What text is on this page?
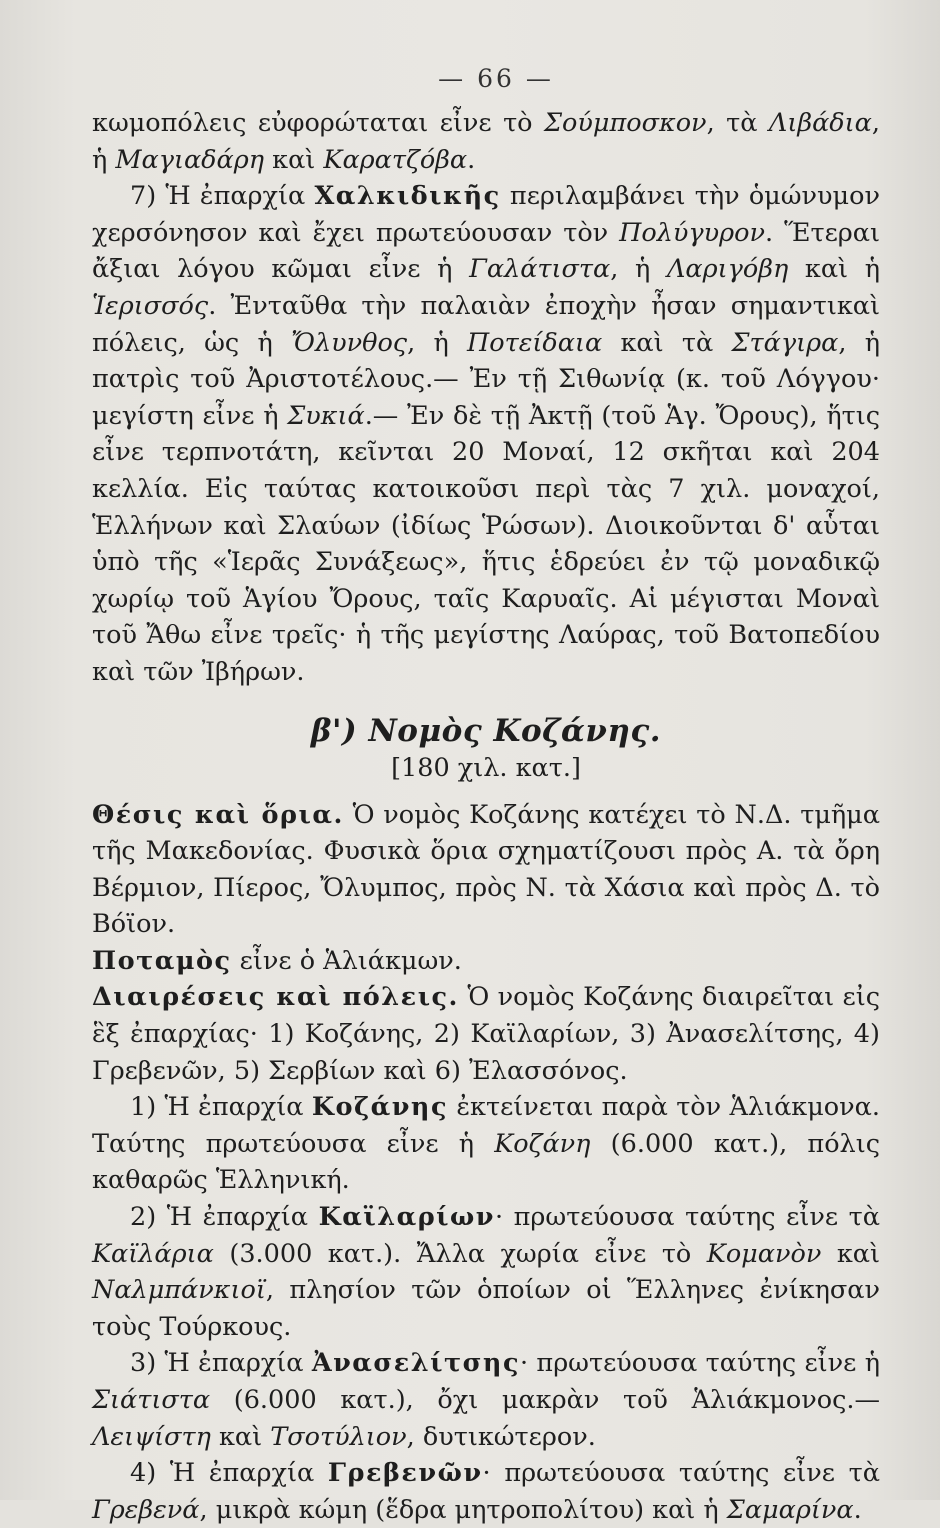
— 66 —

κωμοπόλεις εὐφορώταται εἶνε τὸ Σούμποσκον, τὰ Λιβάδια, ἡ Μαγιαδάρη καὶ Καρατζόβα.

7) Ἡ ἐπαρχία Χαλκιδικῆς περιλαμβάνει τὴν ὁμώνυμον χερσόνησον καὶ ἔχει πρωτεύουσαν τὸν Πολύγυρον. Ἕτεραι ἄξιαι λόγου κῶμαι εἶνε ἡ Γαλάτιστα, ἡ Λαριγόβη καὶ ἡ Ἱερισσός. Ἐνταῦθα τὴν παλαιὰν ἐποχὴν ἦσαν σημαντικαὶ πόλεις, ὡς ἡ Ὄλυνθος, ἡ Ποτείδαια καὶ τὰ Στάγιρα, ἡ πατρὶς τοῦ Ἀριστοτέλους.— Ἐν τῇ Σιθωνίᾳ (κ. τοῦ Λόγγου· μεγίστη εἶνε ἡ Συκιά.— Ἐν δὲ τῇ Ἀκτῇ (τοῦ Ἁγ. Ὄρους), ἥτις εἶνε τερπνοτάτη, κεῖνται 20 Μοναί, 12 σκῆται καὶ 204 κελλία. Εἰς ταύτας κατοικοῦσι περὶ τὰς 7 χιλ. μοναχοί, Ἑλλήνων καὶ Σλαύων (ἰδίως Ῥώσων). Διοικοῦνται δ' αὗται ὑπὸ τῆς «Ἱερᾶς Συνάξεως», ἥτις ἑδρεύει ἐν τῷ μοναδικῷ χωρίῳ τοῦ Ἁγίου Ὄρους, ταῖς Καρυαῖς. Αἱ μέγισται Μοναὶ τοῦ Ἄθω εἶνε τρεῖς· ἡ τῆς μεγίστης Λαύρας, τοῦ Βατοπεδίου καὶ τῶν Ἰβήρων.

β') Νομὸς Κοζάνης.
[180 χιλ. κατ.]

Θέσις καὶ ὅρια. Ὁ νομὸς Κοζάνης κατέχει τὸ Ν.Δ. τμῆμα τῆς Μακεδονίας. Φυσικὰ ὅρια σχηματίζουσι πρὸς Α. τὰ ὄρη Βέρμιον, Πίερος, Ὄλυμπος, πρὸς Ν. τὰ Χάσια καὶ πρὸς Δ. τὸ Βόϊον.

Ποταμὸς εἶνε ὁ Ἁλιάκμων.

Διαιρέσεις καὶ πόλεις. Ὁ νομὸς Κοζάνης διαιρεῖται εἰς ἓξ ἐπαρχίας· 1) Κοζάνης, 2) Καϊλαρίων, 3) Ἀνασελίτσης, 4) Γρεβενῶν, 5) Σερβίων καὶ 6) Ἐλασσόνος.

1) Ἡ ἐπαρχία Κοζάνης ἐκτείνεται παρὰ τὸν Ἁλιάκμονα. Ταύτης πρωτεύουσα εἶνε ἡ Κοζάνη (6.000 κατ.), πόλις καθαρῶς Ἑλληνική.

2) Ἡ ἐπαρχία Καϊλαρίων· πρωτεύουσα ταύτης εἶνε τὰ Καϊλάρια (3.000 κατ.). Ἄλλα χωρία εἶνε τὸ Κομανὸν καὶ Ναλμπάνκιοϊ, πλησίον τῶν ὁποίων οἱ Ἕλληνες ἐνίκησαν τοὺς Τούρκους.

3) Ἡ ἐπαρχία Ἀνασελίτσης· πρωτεύουσα ταύτης εἶνε ἡ Σιάτιστα (6.000 κατ.), ὄχι μακρὰν τοῦ Ἁλιάκμονος.— Λειψίστη καὶ Τσοτύλιον, δυτικώτερον.

4) Ἡ ἐπαρχία Γρεβενῶν· πρωτεύουσα ταύτης εἶνε τὰ Γρεβενά, μικρὰ κώμη (ἕδρα μητροπολίτου) καὶ ἡ Σαμαρίνα.
